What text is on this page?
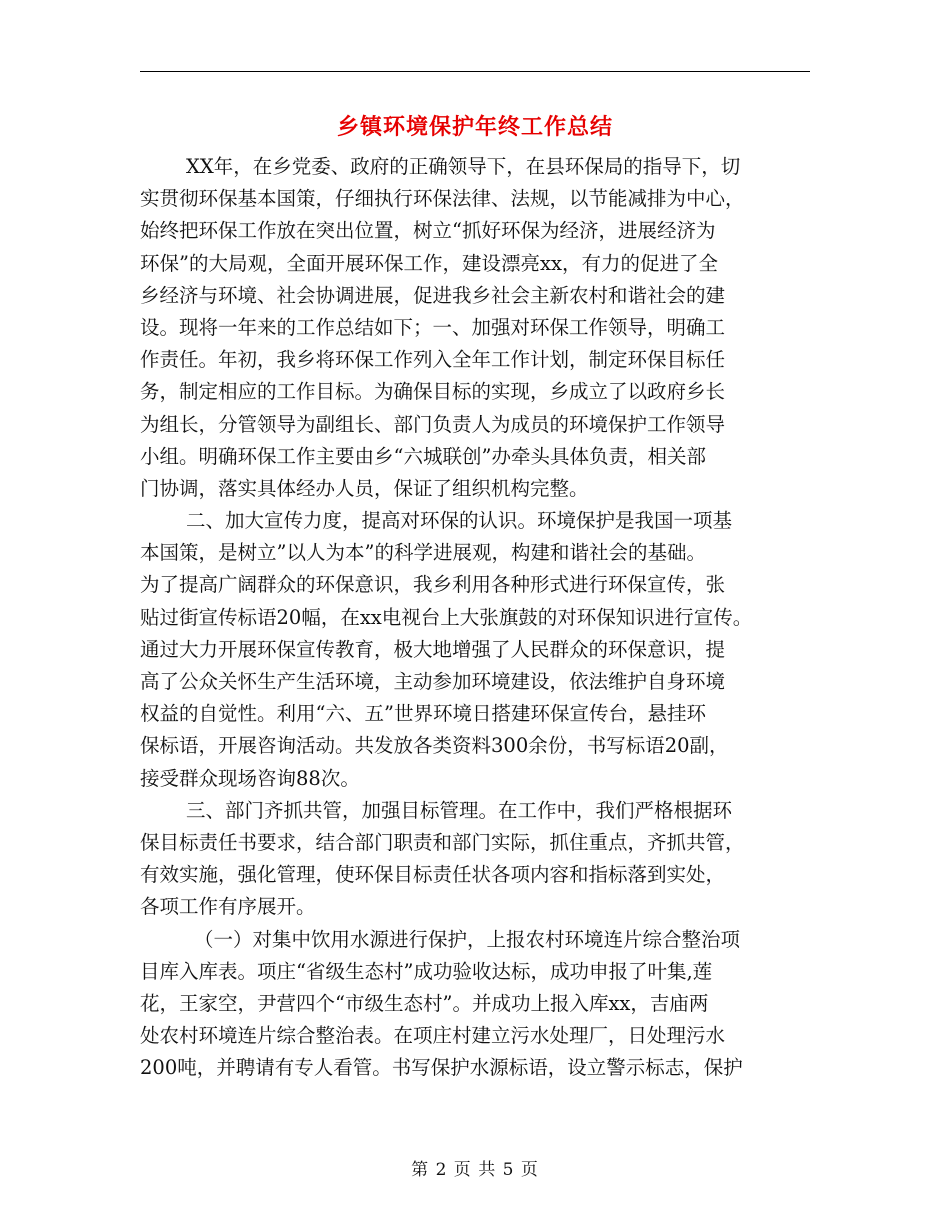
乡镇环境保护年终工作总结
XX年，在乡党委、政府的正确领导下，在县环保局的指导下，切
实贯彻环保基本国策，仔细执行环保法律、法规，以节能减排为中心，
始终把环保工作放在突出位置，树立“抓好环保为经济，进展经济为
环保”的大局观，全面开展环保工作，建设漂亮xx，有力的促进了全
乡经济与环境、社会协调进展，促进我乡社会主新农村和谐社会的建
设。现将一年来的工作总结如下；一、加强对环保工作领导，明确工
作责任。年初，我乡将环保工作列入全年工作计划，制定环保目标任
务，制定相应的工作目标。为确保目标的实现，乡成立了以政府乡长
为组长，分管领导为副组长、部门负责人为成员的环境保护工作领导
小组。明确环保工作主要由乡“六城联创”办牵头具体负责，相关部
门协调，落实具体经办人员，保证了组织机构完整。
二、加大宣传力度，提高对环保的认识。环境保护是我国一项基
本国策，是树立”以人为本”的科学进展观，构建和谐社会的基础。
为了提高广阔群众的环保意识，我乡利用各种形式进行环保宣传，张
贴过街宣传标语20幅，在xx电视台上大张旗鼓的对环保知识进行宣传。
通过大力开展环保宣传教育，极大地增强了人民群众的环保意识，提
高了公众关怀生产生活环境，主动参加环境建设，依法维护自身环境
权益的自觉性。利用“六、五”世界环境日搭建环保宣传台，悬挂环
保标语，开展咨询活动。共发放各类资料300余份，书写标语20副，
接受群众现场咨询88次。
三、部门齐抓共管，加强目标管理。在工作中，我们严格根据环
保目标责任书要求，结合部门职责和部门实际，抓住重点，齐抓共管，
有效实施，强化管理，使环保目标责任状各项内容和指标落到实处，
各项工作有序展开。
（一）对集中饮用水源进行保护，上报农村环境连片综合整治项
目库入库表。项庄“省级生态村”成功验收达标，成功申报了叶集,莲
花，王家空，尹营四个“市级生态村”。并成功上报入库xx，吉庙两
处农村环境连片综合整治表。在项庄村建立污水处理厂，日处理污水
200吨，并聘请有专人看管。书写保护水源标语，设立警示标志，保护
第 2 页 共 5 页
